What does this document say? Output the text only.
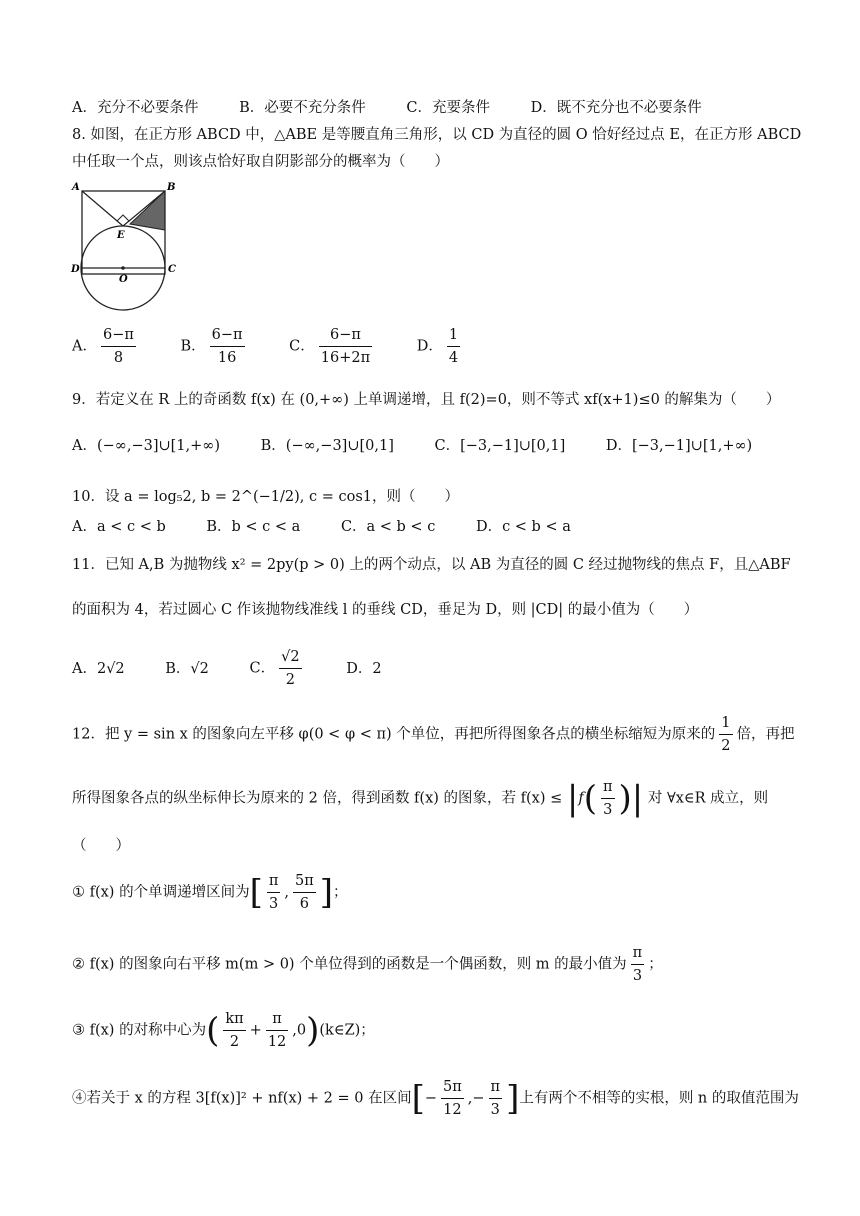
A．充分不必要条件	B．必要不充分条件	C．充要条件	D．既不充分也不必要条件
8. 如图，在正方形 ABCD 中，△ABE 是等腰直角三角形，以 CD 为直径的圆 O 恰好经过点 E，在正方形 ABCD
中任取一个点，则该点恰好取自阴影部分的概率为（　　）
A	B
E
D	C
O
A． $\frac{6-\pi}{8}$	B． $\frac{6-\pi}{16}$	C． $\frac{6-\pi}{16+2\pi}$	D． $\frac{1}{4}$
9．若定义在 R 上的奇函数 f(x) 在 (0,+∞) 上单调递增，且 f(2)=0，则不等式 xf(x+1)≤0 的解集为（　　）
A．(−∞,−3]∪[1,+∞)	B．(−∞,−3]∪[0,1]	C．[−3,−1]∪[0,1]	D．[−3,−1]∪[1,+∞)
10．设 a = log₅2, b = 2^(−1/2), c = cos1，则（　　）
A．a < c < b	B．b < c < a	C．a < b < c	D．c < b < a
11．已知 A,B 为抛物线 x² = 2py(p > 0) 上的两个动点，以 AB 为直径的圆 C 经过抛物线的焦点 F，且△ABF
的面积为 4，若过圆心 C 作该抛物线准线 l 的垂线 CD，垂足为 D，则 |CD| 的最小值为（　　）
A．2√2	B．√2	C． $\frac{√2}{2}$	D．2
12．把 y = sin x 的图象向左平移 φ(0 < φ < π) 个单位，再把所得图象各点的横坐标缩短为原来的 $\frac{1}{2}$ 倍，再把
所得图象各点的纵坐标伸长为原来的 2 倍，得到函数 f(x) 的图象，若 $f(x) \le |f( \frac{\pi}{3}$ )| 对 ∀x∈R 成立，则
（　　）
① f(x) 的个单调递增区间为[ $\frac{\pi}{3}$ , $\frac{5\pi}{6}$ ]；
② f(x) 的图象向右平移 m(m > 0) 个单位得到的函数是一个偶函数，则 m 的最小值为 $\frac{\pi}{3}$ ；
③ f(x) 的对称中心为( $\frac{k\pi}{2} + \frac{\pi}{12}$ ,0)(k∈Z)；
④若关于 x 的方程 3[f(x)]² + nf(x) + 2 = 0 在区间[− $\frac{5\pi}{12}$ ,− $\frac{\pi}{3}$ ]上有两个不相等的实根，则 n 的取值范围为
